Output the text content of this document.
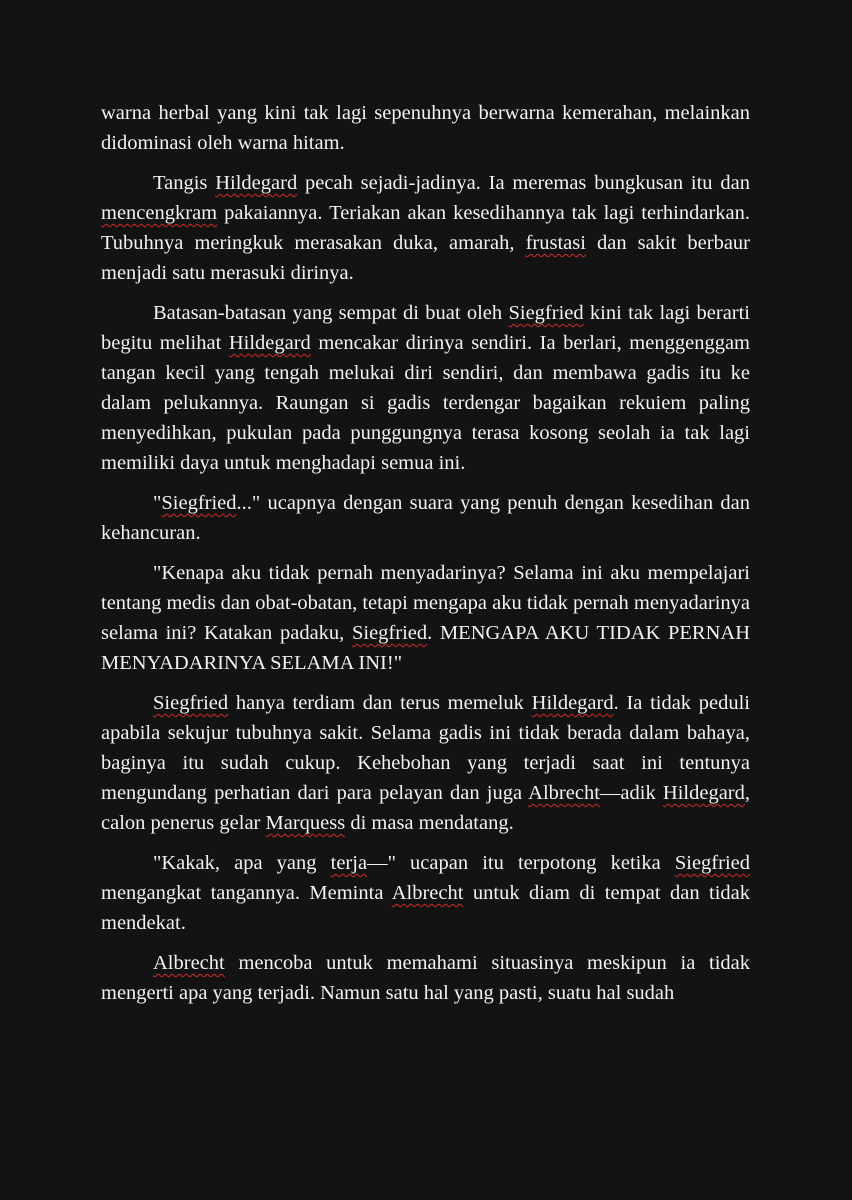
warna herbal yang kini tak lagi sepenuhnya berwarna kemerahan, melainkan didominasi oleh warna hitam.

Tangis Hildegard pecah sejadi-jadinya. Ia meremas bungkusan itu dan mencengkram pakaiannya. Teriakan akan kesedihannya tak lagi terhindarkan. Tubuhnya meringkuk merasakan duka, amarah, frustasi dan sakit berbaur menjadi satu merasuki dirinya.

Batasan-batasan yang sempat di buat oleh Siegfried kini tak lagi berarti begitu melihat Hildegard mencakar dirinya sendiri. Ia berlari, menggenggam tangan kecil yang tengah melukai diri sendiri, dan membawa gadis itu ke dalam pelukannya. Raungan si gadis terdengar bagaikan rekuiem paling menyedihkan, pukulan pada punggungnya terasa kosong seolah ia tak lagi memiliki daya untuk menghadapi semua ini.

"Siegfried..." ucapnya dengan suara yang penuh dengan kesedihan dan kehancuran.

"Kenapa aku tidak pernah menyadarinya? Selama ini aku mempelajari tentang medis dan obat-obatan, tetapi mengapa aku tidak pernah menyadarinya selama ini? Katakan padaku, Siegfried. MENGAPA AKU TIDAK PERNAH MENYADARINYA SELAMA INI!"

Siegfried hanya terdiam dan terus memeluk Hildegard. Ia tidak peduli apabila sekujur tubuhnya sakit. Selama gadis ini tidak berada dalam bahaya, baginya itu sudah cukup. Kehebohan yang terjadi saat ini tentunya mengundang perhatian dari para pelayan dan juga Albrecht—adik Hildegard, calon penerus gelar Marquess di masa mendatang.

"Kakak, apa yang terja—" ucapan itu terpotong ketika Siegfried mengangkat tangannya. Meminta Albrecht untuk diam di tempat dan tidak mendekat.

Albrecht mencoba untuk memahami situasinya meskipun ia tidak mengerti apa yang terjadi. Namun satu hal yang pasti, suatu hal sudah
